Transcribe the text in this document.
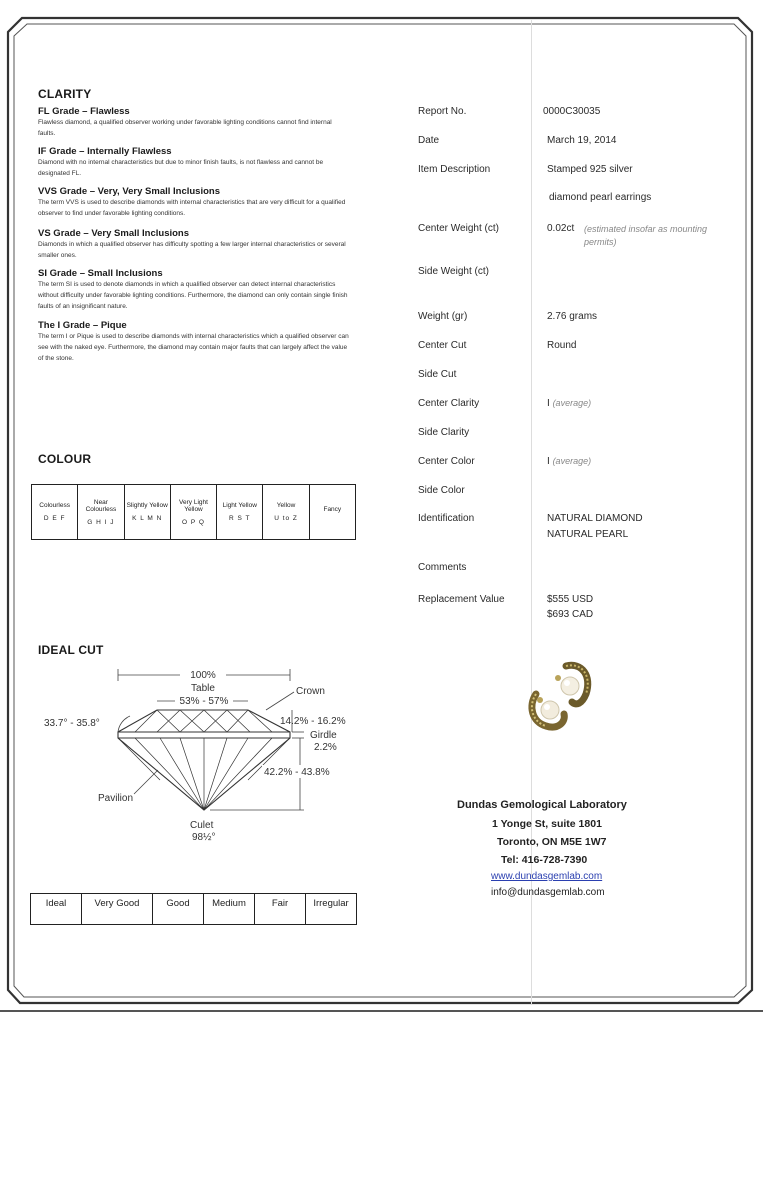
CLARITY
FL Grade – Flawless
Flawless diamond, a qualified observer working under favorable lighting conditions cannot find internal faults.
IF Grade – Internally Flawless
Diamond with no internal characteristics but due to minor finish faults, is not flawless and cannot be designated FL.
VVS Grade – Very, Very Small Inclusions
The term VVS is used to describe diamonds with internal characteristics that are very difficult for a qualified observer to find under favorable lighting conditions.
VS Grade – Very Small Inclusions
Diamonds in which a qualified observer has difficulty spotting a few larger internal characteristics or several smaller ones.
SI Grade – Small Inclusions
The term SI is used to denote diamonds in which a qualified observer can detect internal characteristics without difficulty under favorable lighting conditions. Furthermore, the diamond can only contain single finish faults of an insignificant nature.
The I Grade – Pique
The term I or Pique is used to describe diamonds with internal characteristics which a qualified observer can see with the naked eye. Furthermore, the diamond may contain major faults that can largely affect the value of the stone.
COLOUR
Colourless
D E F
Near Colourless
G H I J
Slightly Yellow
K L M N
Very Light Yellow
O P Q
Light Yellow
R S T
Yellow
U to Z
Fancy
IDEAL CUT
100%
Table
53% - 57%
Crown
33.7° - 35.8°	14.2% - 16.2%
Girdle
2.2%
42.2% - 43.8%
Pavilion
Culet
98½°
Ideal	Very Good	Good	Medium	Fair	Irregular
Report No.	0000C30035
Date	March 19, 2014
Item Description	Stamped 925 silver
diamond pearl earrings
Center Weight (ct)	0.02ct (estimated insofar as mounting permits)
Side Weight (ct)
Weight (gr)	2.76 grams
Center Cut	Round
Side Cut
Center Clarity	I (average)
Side Clarity
Center Color	I (average)
Side Color
Identification	NATURAL DIAMOND
NATURAL PEARL
Comments
Replacement Value	$555 USD
$693 CAD
Dundas Gemological Laboratory
1 Yonge St, suite 1801
Toronto, ON M5E 1W7
Tel: 416-728-7390
www.dundasgemlab.com
info@dundasgemlab.com
